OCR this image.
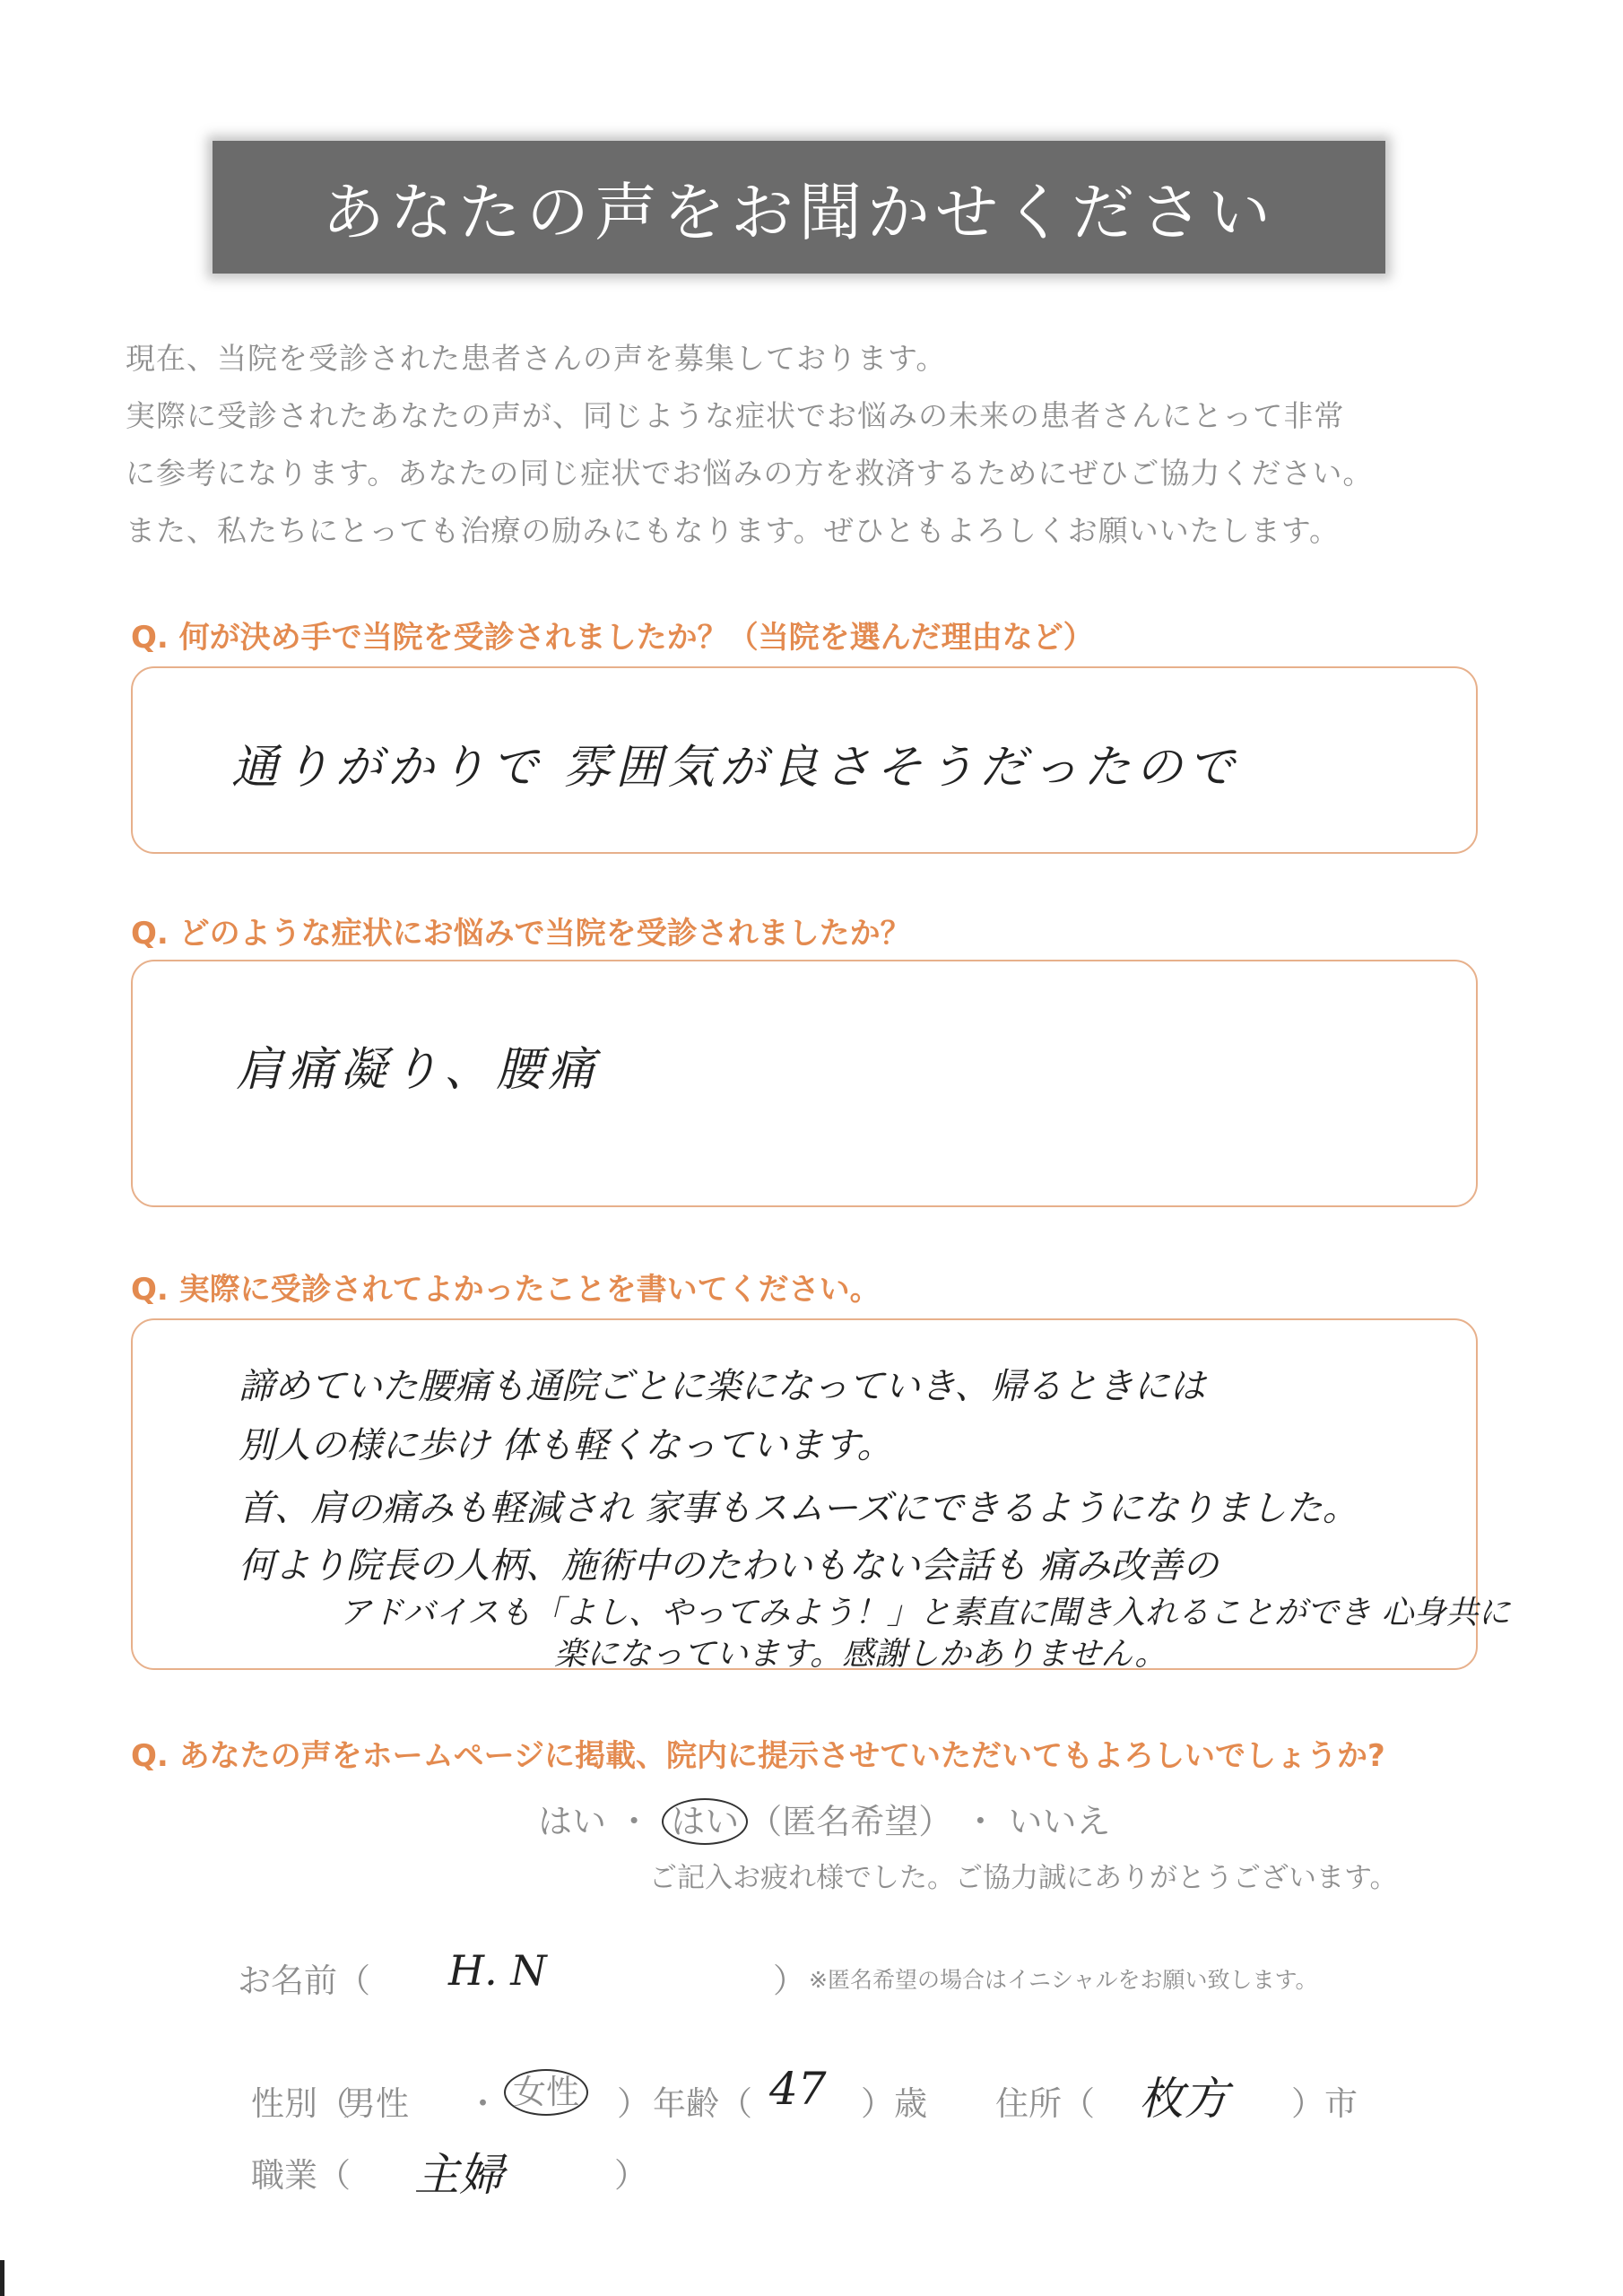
あなたの声をお聞かせください

現在、当院を受診された患者さんの声を募集しております。

実際に受診されたあなたの声が、同じような症状でお悩みの未来の患者さんにとって非常

に参考になります。あなたの同じ症状でお悩みの方を救済するためにぜひご協力ください。

また、私たちにとっても治療の励みにもなります。ぜひともよろしくお願いいたします。

Q. 何が決め手で当院を受診されましたか？（当院を選んだ理由など）
通りがかりで 雰囲気が良さそうだったので
Q. どのような症状にお悩みで当院を受診されましたか？
肩痛凝り、腰痛
Q. 実際に受診されてよかったことを書いてください。
諦めていた腰痛も通院ごとに楽になっていき、帰るときには
別人の様に歩け 体も軽くなっています。
首、肩の痛みも軽減され 家事もスムーズにできるようになりました。
何より院長の人柄、施術中のたわいもない会話も 痛み改善の
アドバイスも「よし、やってみよう！」と素直に聞き入れることができ 心身共に
楽になっています。感謝しかありません。
Q. あなたの声をホームページに掲載、院内に提示させていただいてもよろしいでしょうか?
はい ・ はい （匿名希望） ・ いいえ
ご記入お疲れ様でした。ご協力誠にありがとうございます。
お名前（ H. N	） ※匿名希望の場合はイニシャルをお願い致します。
性別（
男性 ・ 女性 ） 年齢（ 47 ）歳 住所（ 枚方 ）市
職業（ 主婦	）
